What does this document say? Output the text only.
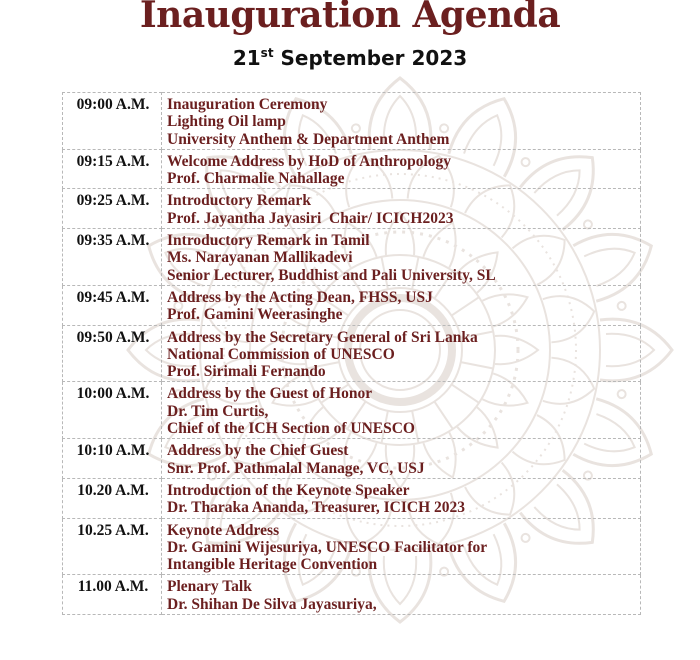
Inauguration Agenda
21st September 2023
09:00 A.M.	Inauguration Ceremony
Lighting Oil lamp
University Anthem & Department Anthem

09:15 A.M.	Welcome Address by HoD of Anthropology
Prof. Charmalie Nahallage

09:25 A.M.	Introductory Remark
Prof. Jayantha Jayasiri  Chair/ ICICH2023

09:35 A.M.	Introductory Remark in Tamil
Ms. Narayanan Mallikadevi
Senior Lecturer, Buddhist and Pali University, SL

09:45 A.M.	Address by the Acting Dean, FHSS, USJ
Prof. Gamini Weerasinghe

09:50 A.M.	Address by the Secretary General of Sri Lanka
National Commission of UNESCO
Prof. Sirimali Fernando

10:00 A.M.	Address by the Guest of Honor
Dr. Tim Curtis,
Chief of the ICH Section of UNESCO

10:10 A.M.	Address by the Chief Guest
Snr. Prof. Pathmalal Manage, VC, USJ

10.20 A.M.	Introduction of the Keynote Speaker
Dr. Tharaka Ananda, Treasurer, ICICH 2023

10.25 A.M.	Keynote Address
Dr. Gamini Wijesuriya, UNESCO Facilitator for
Intangible Heritage Convention

11.00 A.M.	Plenary Talk
Dr. Shihan De Silva Jayasuriya,
